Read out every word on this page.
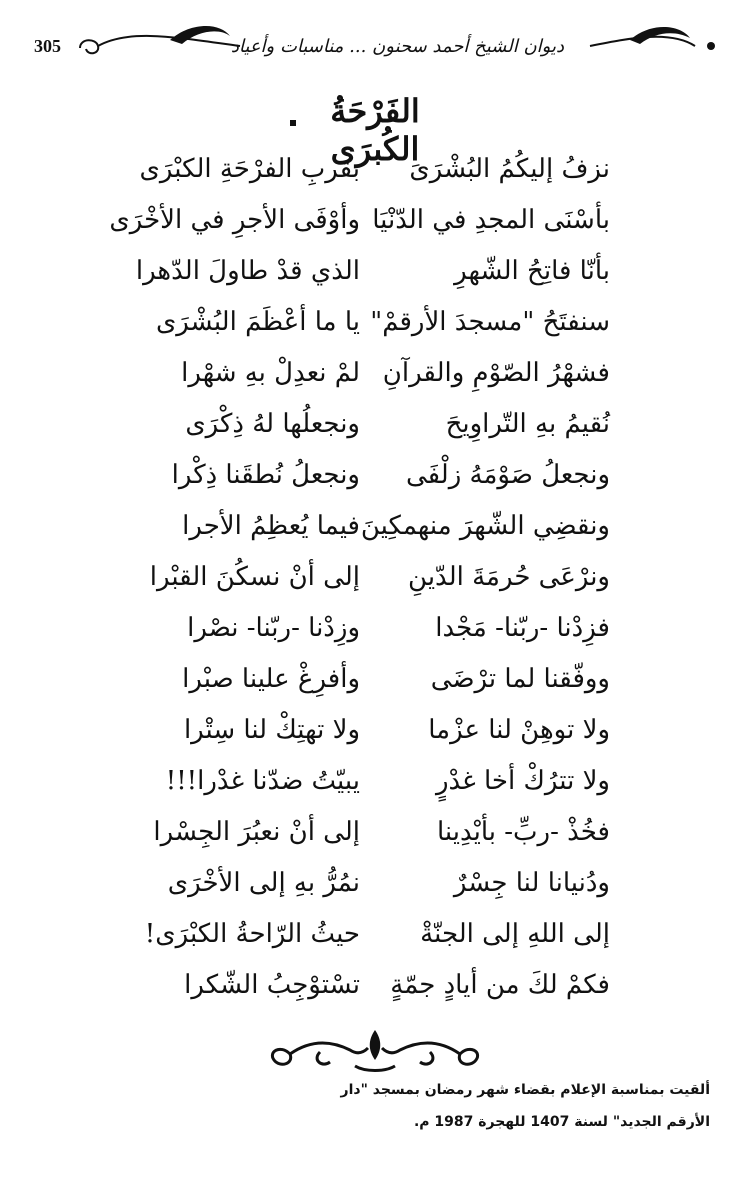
305	ديوان الشيخ أحمد سحنون ... مناسبات وأعياد
الفَرْحَةُ الكُبرَى
نزفُ إليكُمُ البُشْرَىَ
بقربِ الفرْحَةِ الكبْرَى
بأسْنَى المجدِ في الدّنْيَا
وأوْفَى الأجرِ في الأخْرَى
بأنّا فاتِحُ الشّهرِ
الذي قدْ طاولَ الدّهرا
سنفتَحُ "مسجدَ الأرقمْ"
يا ما أعْظَمَ البُشْرَى
فشهْرُ الصّوْمِ والقرآنِ
لمْ نعدِلْ بهِ شهْرا
نُقيمُ بهِ التّراوِيحَ
ونجعلُها لهُ ذِكْرَى
ونجعلُ صَوْمَهُ زلْفَى
ونجعلُ نُطقَنا ذِكْرا
ونقضِي الشّهرَ منهمكِينَ
فيما يُعظِمُ الأجرا
ونرْعَى حُرمَةَ الدّينِ
إلى أنْ نسكُنَ القبْرا
فزِدْنا -ربّنا- مَجْدا
وزِدْنا -ربّنا- نصْرا
ووفّقنا لما ترْضَى
وأفرِغْ علينا صبْرا
ولا توهِنْ لنا عزْما
ولا تهتِكْ لنا سِتْرا
ولا تترُكْ أخا غدْرٍ
يبيّتُ ضدّنا غدْرا!!!
فخُذْ -ربِّ- بأيْدِينا
إلى أنْ نعبُرَ الجِسْرا
ودُنيانا لنا جِسْرٌ
نمُرُّ بهِ إلى الأخْرَى
إلى اللهِ إلى الجنّةْ
حيثُ الرّاحةُ الكبْرَى!
فكمْ لكَ من أيادٍ جمّةٍ
تسْتوْجِبُ الشّكرا
ألقيت بمناسبة الإعلام بقضاء شهر رمضان بمسجد "دار
الأرقم الجديد" لسنة 1407 للهجرة 1987 م.
